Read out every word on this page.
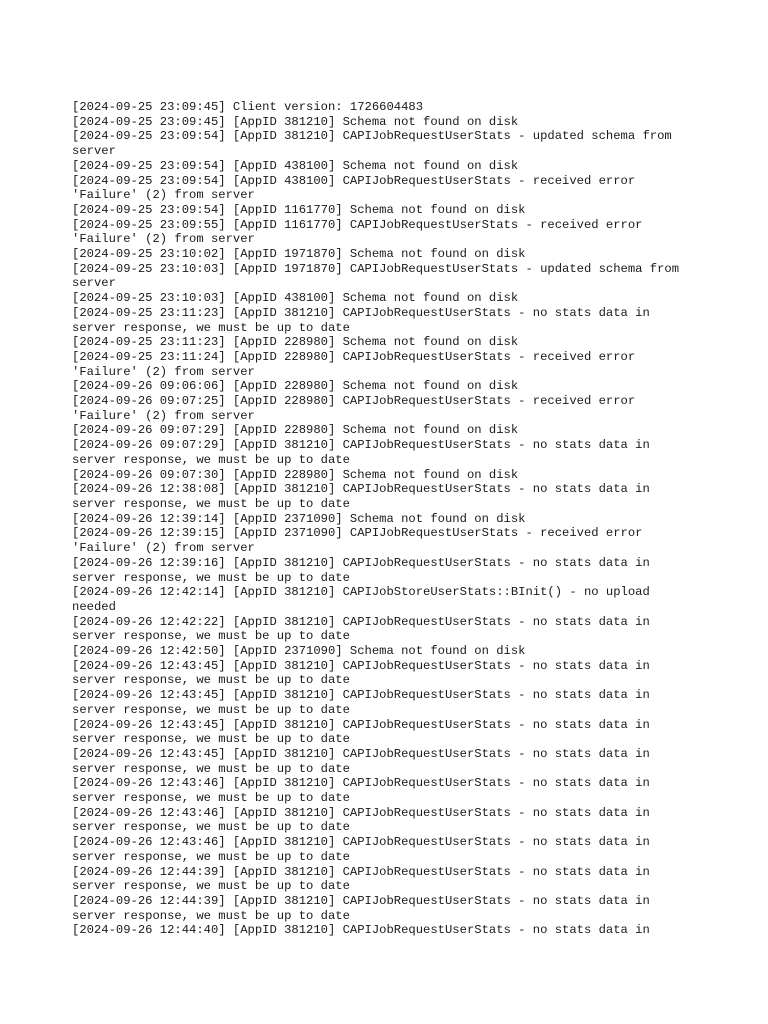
[2024-09-25 23:09:45] Client version: 1726604483
[2024-09-25 23:09:45] [AppID 381210] Schema not found on disk
[2024-09-25 23:09:54] [AppID 381210] CAPIJobRequestUserStats - updated schema from
server
[2024-09-25 23:09:54] [AppID 438100] Schema not found on disk
[2024-09-25 23:09:54] [AppID 438100] CAPIJobRequestUserStats - received error
'Failure' (2) from server
[2024-09-25 23:09:54] [AppID 1161770] Schema not found on disk
[2024-09-25 23:09:55] [AppID 1161770] CAPIJobRequestUserStats - received error
'Failure' (2) from server
[2024-09-25 23:10:02] [AppID 1971870] Schema not found on disk
[2024-09-25 23:10:03] [AppID 1971870] CAPIJobRequestUserStats - updated schema from
server
[2024-09-25 23:10:03] [AppID 438100] Schema not found on disk
[2024-09-25 23:11:23] [AppID 381210] CAPIJobRequestUserStats - no stats data in
server response, we must be up to date
[2024-09-25 23:11:23] [AppID 228980] Schema not found on disk
[2024-09-25 23:11:24] [AppID 228980] CAPIJobRequestUserStats - received error
'Failure' (2) from server
[2024-09-26 09:06:06] [AppID 228980] Schema not found on disk
[2024-09-26 09:07:25] [AppID 228980] CAPIJobRequestUserStats - received error
'Failure' (2) from server
[2024-09-26 09:07:29] [AppID 228980] Schema not found on disk
[2024-09-26 09:07:29] [AppID 381210] CAPIJobRequestUserStats - no stats data in
server response, we must be up to date
[2024-09-26 09:07:30] [AppID 228980] Schema not found on disk
[2024-09-26 12:38:08] [AppID 381210] CAPIJobRequestUserStats - no stats data in
server response, we must be up to date
[2024-09-26 12:39:14] [AppID 2371090] Schema not found on disk
[2024-09-26 12:39:15] [AppID 2371090] CAPIJobRequestUserStats - received error
'Failure' (2) from server
[2024-09-26 12:39:16] [AppID 381210] CAPIJobRequestUserStats - no stats data in
server response, we must be up to date
[2024-09-26 12:42:14] [AppID 381210] CAPIJobStoreUserStats::BInit() - no upload
needed
[2024-09-26 12:42:22] [AppID 381210] CAPIJobRequestUserStats - no stats data in
server response, we must be up to date
[2024-09-26 12:42:50] [AppID 2371090] Schema not found on disk
[2024-09-26 12:43:45] [AppID 381210] CAPIJobRequestUserStats - no stats data in
server response, we must be up to date
[2024-09-26 12:43:45] [AppID 381210] CAPIJobRequestUserStats - no stats data in
server response, we must be up to date
[2024-09-26 12:43:45] [AppID 381210] CAPIJobRequestUserStats - no stats data in
server response, we must be up to date
[2024-09-26 12:43:45] [AppID 381210] CAPIJobRequestUserStats - no stats data in
server response, we must be up to date
[2024-09-26 12:43:46] [AppID 381210] CAPIJobRequestUserStats - no stats data in
server response, we must be up to date
[2024-09-26 12:43:46] [AppID 381210] CAPIJobRequestUserStats - no stats data in
server response, we must be up to date
[2024-09-26 12:43:46] [AppID 381210] CAPIJobRequestUserStats - no stats data in
server response, we must be up to date
[2024-09-26 12:44:39] [AppID 381210] CAPIJobRequestUserStats - no stats data in
server response, we must be up to date
[2024-09-26 12:44:39] [AppID 381210] CAPIJobRequestUserStats - no stats data in
server response, we must be up to date
[2024-09-26 12:44:40] [AppID 381210] CAPIJobRequestUserStats - no stats data in
